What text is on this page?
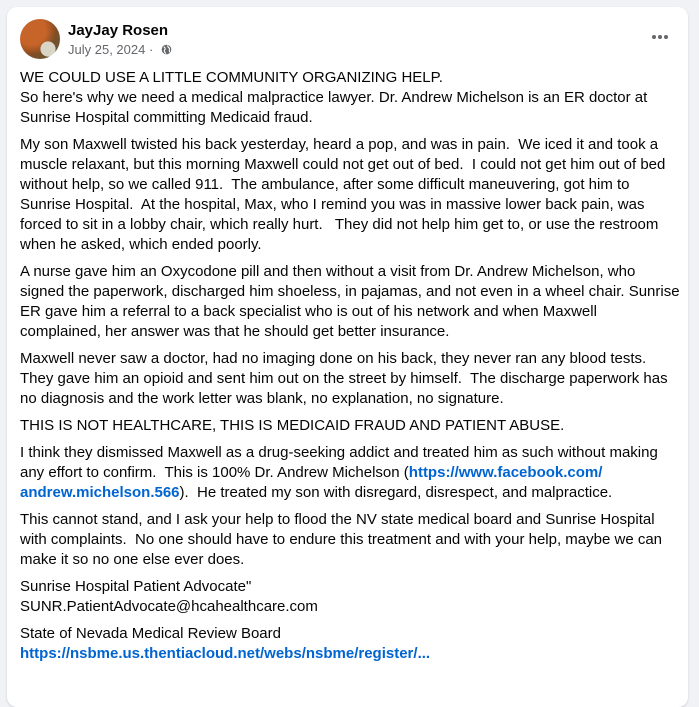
JayJay Rosen
July 25, 2024 ·

WE COULD USE A LITTLE COMMUNITY ORGANIZING HELP.
So here's why we need a medical malpractice lawyer. Dr. Andrew Michelson is an ER doctor at Sunrise Hospital committing Medicaid fraud.

My son Maxwell twisted his back yesterday, heard a pop, and was in pain.  We iced it and took a muscle relaxant, but this morning Maxwell could not get out of bed.  I could not get him out of bed without help, so we called 911.  The ambulance, after some difficult maneuvering, got him to Sunrise Hospital.  At the hospital, Max, who I remind you was in massive lower back pain, was forced to sit in a lobby chair, which really hurt.   They did not help him get to, or use the restroom when he asked, which ended poorly.

A nurse gave him an Oxycodone pill and then without a visit from Dr. Andrew Michelson, who signed the paperwork, discharged him shoeless, in pajamas, and not even in a wheel chair. Sunrise ER gave him a referral to a back specialist who is out of his network and when Maxwell complained, her answer was that he should get better insurance.

Maxwell never saw a doctor, had no imaging done on his back, they never ran any blood tests. They gave him an opioid and sent him out on the street by himself.  The discharge paperwork has no diagnosis and the work letter was blank, no explanation, no signature.

THIS IS NOT HEALTHCARE, THIS IS MEDICAID FRAUD AND PATIENT ABUSE.

I think they dismissed Maxwell as a drug-seeking addict and treated him as such without making any effort to confirm.  This is 100% Dr. Andrew Michelson (https://www.facebook.com/ andrew.michelson.566).  He treated my son with disregard, disrespect, and malpractice.

This cannot stand, and I ask your help to flood the NV state medical board and Sunrise Hospital with complaints.  No one should have to endure this treatment and with your help, maybe we can make it so no one else ever does.

Sunrise Hospital Patient Advocate"
SUNR.PatientAdvocate@hcahealthcare.com

State of Nevada Medical Review Board
https://nsbme.us.thentiacloud.net/webs/nsbme/register/...
